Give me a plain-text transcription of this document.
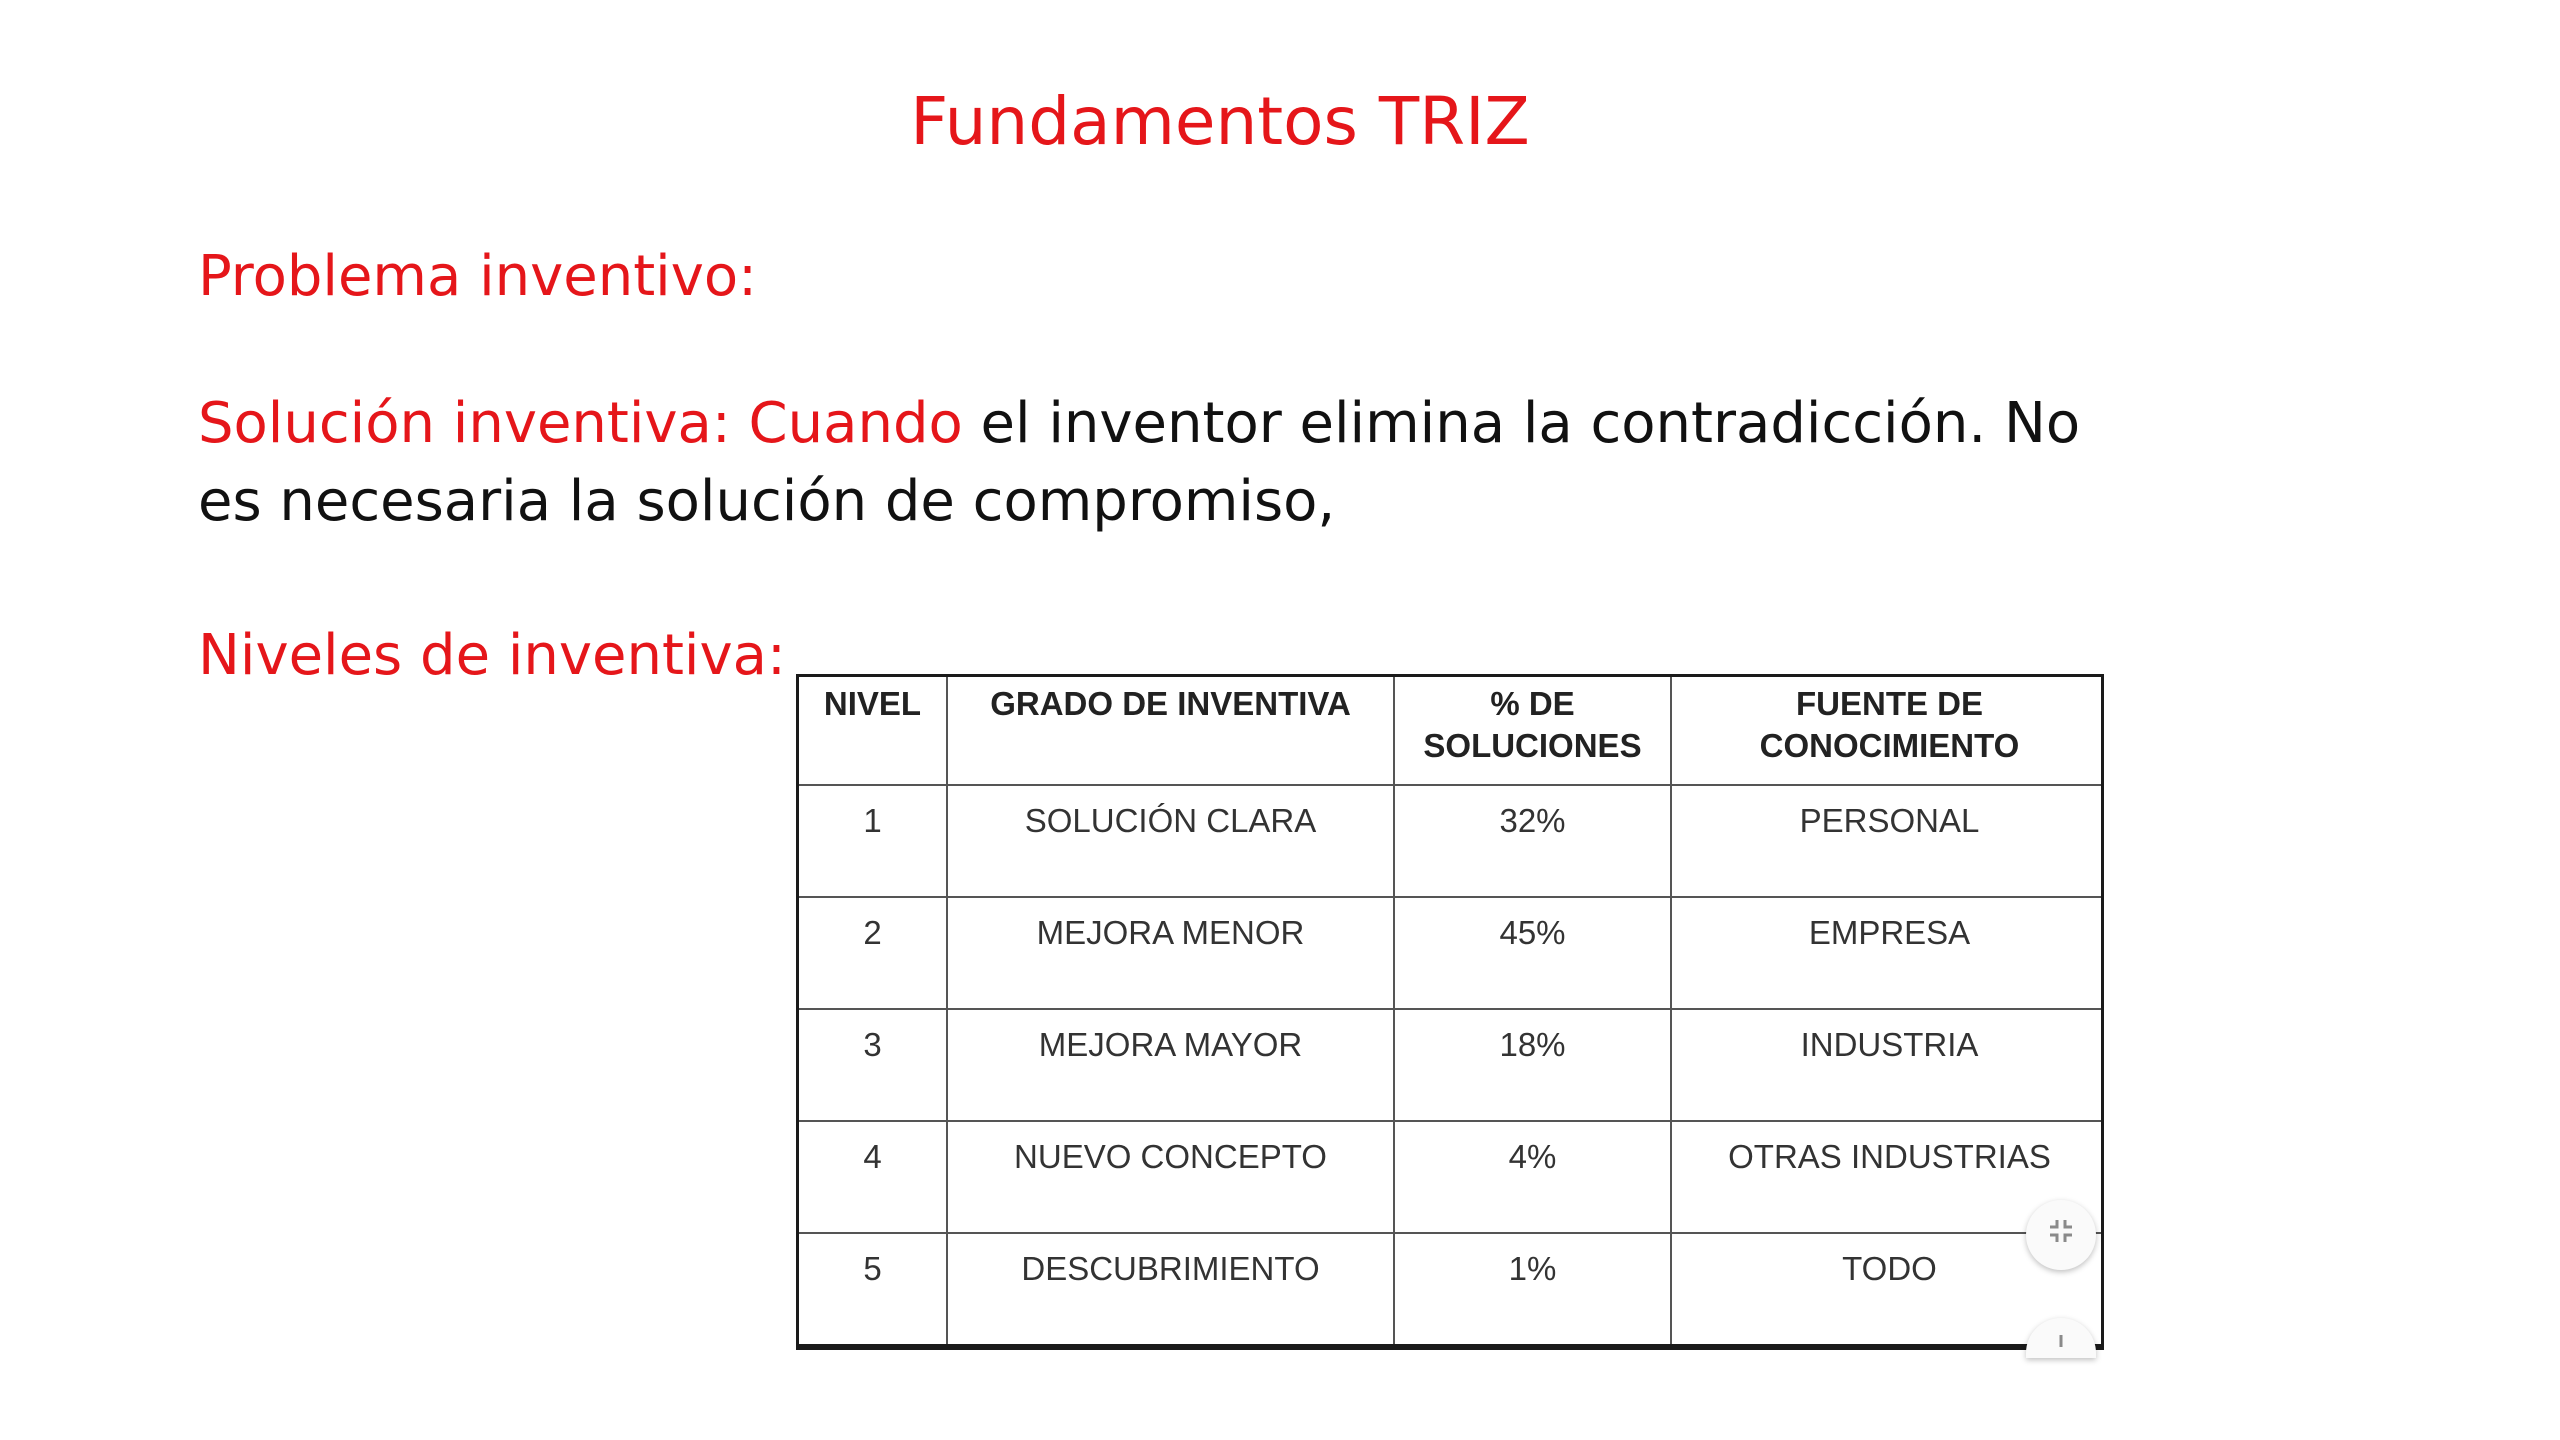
Fundamentos TRIZ
Problema inventivo:
Solución inventiva: Cuando el inventor elimina la contradicción. No es necesaria la solución de compromiso,
Niveles de inventiva:
NIVEL	GRADO DE INVENTIVA	% DE SOLUCIONES	FUENTE DE CONOCIMIENTO
1	SOLUCIÓN CLARA	32%	PERSONAL
2	MEJORA MENOR	45%	EMPRESA
3	MEJORA MAYOR	18%	INDUSTRIA
4	NUEVO CONCEPTO	4%	OTRAS INDUSTRIAS
5	DESCUBRIMIENTO	1%	TODO
